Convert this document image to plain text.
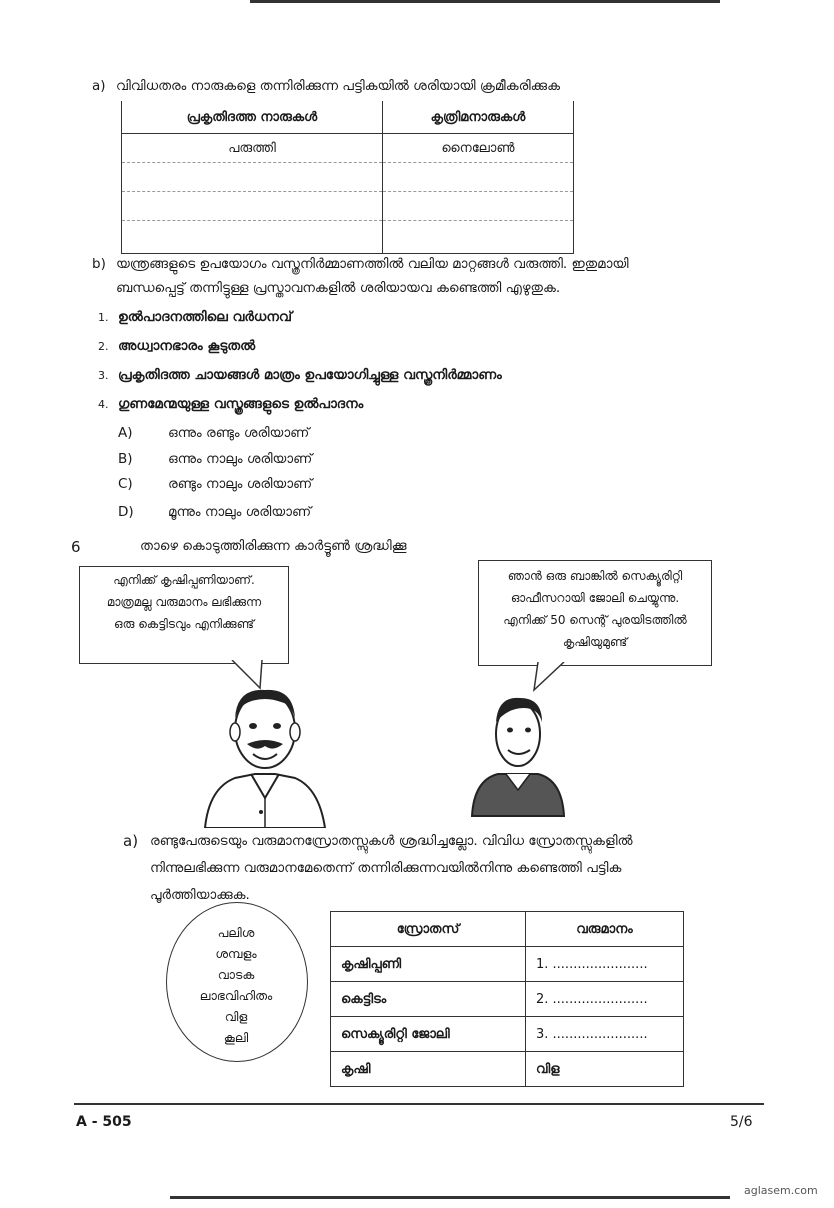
a) വിവിധതരം നാരുകളെ തന്നിരിക്കുന്ന പട്ടികയിൽ ശരിയായി ക്രമീകരിക്കുക
പ്രകൃതിദത്ത നാരുകൾ	കൃത്രിമനാരുകൾ
പരുത്തി	നൈലോൺ

b) യന്ത്രങ്ങളുടെ ഉപയോഗം വസ്ത്രനിർമ്മാണത്തിൽ വലിയ മാറ്റങ്ങൾ വരുത്തി. ഇതുമായി
ബന്ധപ്പെട്ട് തന്നിട്ടുള്ള പ്രസ്താവനകളിൽ ശരിയായവ കണ്ടെത്തി എഴുതുക.
1. ഉൽപാദനത്തിലെ വർധനവ്
2. അധ്വാനഭാരം കൂടുതൽ
3. പ്രകൃതിദത്ത ചായങ്ങൾ മാത്രം ഉപയോഗിച്ചുള്ള വസ്ത്രനിർമ്മാണം
4. ഗുണമേന്മയുള്ള വസ്ത്രങ്ങളുടെ ഉൽപാദനം
A)	ഒന്നും രണ്ടും ശരിയാണ്
B)	ഒന്നും നാലും ശരിയാണ്
C)	രണ്ടും നാലും ശരിയാണ്
D)	മൂന്നും നാലും ശരിയാണ്
6	താഴെ കൊടുത്തിരിക്കുന്ന കാർട്ടൂൺ ശ്രദ്ധിക്കൂ
എനിക്ക് കൃഷിപ്പണിയാണ്.
മാത്രമല്ല വരുമാനം ലഭിക്കുന്ന
ഒരു കെട്ടിടവും എനിക്കുണ്ട്
ഞാൻ ഒരു ബാങ്കിൽ സെക്യൂരിറ്റി
ഓഫീസറായി ജോലി ചെയ്യുന്നു.
എനിക്ക് 50 സെന്റ് പുരയിടത്തിൽ
കൃഷിയുമുണ്ട്
a) രണ്ടുപേരുടെയും വരുമാനസ്രോതസ്സുകൾ ശ്രദ്ധിച്ചല്ലോ. വിവിധ സ്രോതസ്സുകളിൽ
നിന്നുലഭിക്കുന്ന വരുമാനമേതെന്ന് തന്നിരിക്കുന്നവയിൽനിന്നു കണ്ടെത്തി പട്ടിക
പൂർത്തിയാക്കുക.
പലിശ
ശമ്പളം
വാടക
ലാഭവിഹിതം
വിള
കൂലി
സ്രോതസ്	വരുമാനം
കൃഷിപ്പണി	1. .......................
കെട്ടിടം	2. .......................
സെക്യൂരിറ്റി ജോലി	3. .......................
കൃഷി	വിള
A - 505	5/6
aglasem.com
